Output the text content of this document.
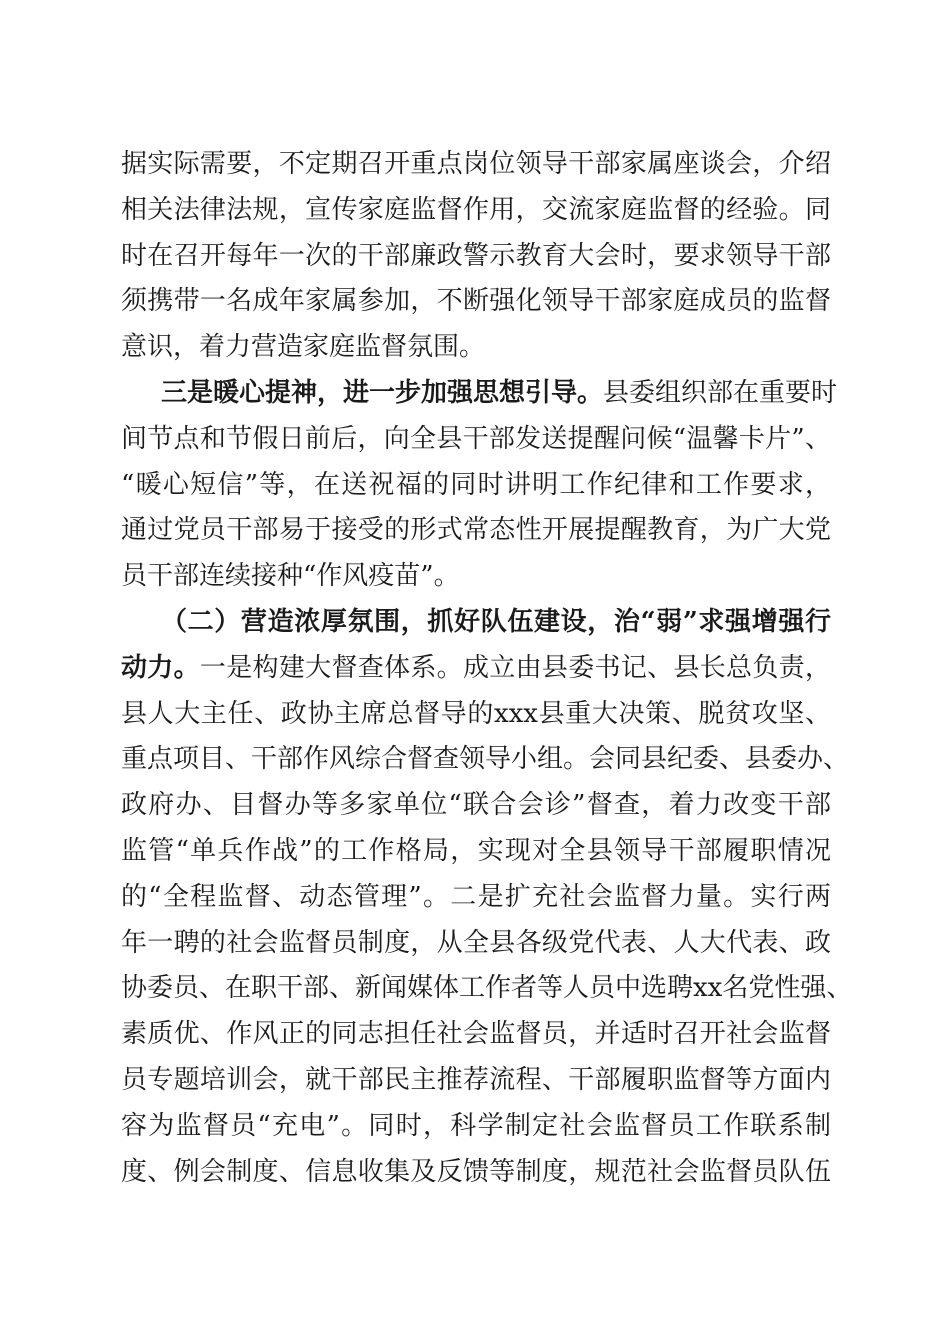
据实际需要，不定期召开重点岗位领导干部家属座谈会，介绍
相关法律法规，宣传家庭监督作用，交流家庭监督的经验。同
时在召开每年一次的干部廉政警示教育大会时，要求领导干部
须携带一名成年家属参加，不断强化领导干部家庭成员的监督
意识，着力营造家庭监督氛围。
三是暖心提神，进一步加强思想引导。县委组织部在重要时
间节点和节假日前后，向全县干部发送提醒问候“温馨卡片”、
“暖心短信”等，在送祝福的同时讲明工作纪律和工作要求，
通过党员干部易于接受的形式常态性开展提醒教育，为广大党
员干部连续接种“作风疫苗”。
（二）营造浓厚氛围，抓好队伍建设，治“弱”求强增强行
动力。一是构建大督查体系。成立由县委书记、县长总负责，
县人大主任、政协主席总督导的xxx县重大决策、脱贫攻坚、
重点项目、干部作风综合督查领导小组。会同县纪委、县委办、
政府办、目督办等多家单位“联合会诊”督查，着力改变干部
监管“单兵作战”的工作格局，实现对全县领导干部履职情况
的“全程监督、动态管理”。二是扩充社会监督力量。实行两
年一聘的社会监督员制度，从全县各级党代表、人大代表、政
协委员、在职干部、新闻媒体工作者等人员中选聘xx名党性强、
素质优、作风正的同志担任社会监督员，并适时召开社会监督
员专题培训会，就干部民主推荐流程、干部履职监督等方面内
容为监督员“充电”。同时，科学制定社会监督员工作联系制
度、例会制度、信息收集及反馈等制度，规范社会监督员队伍
